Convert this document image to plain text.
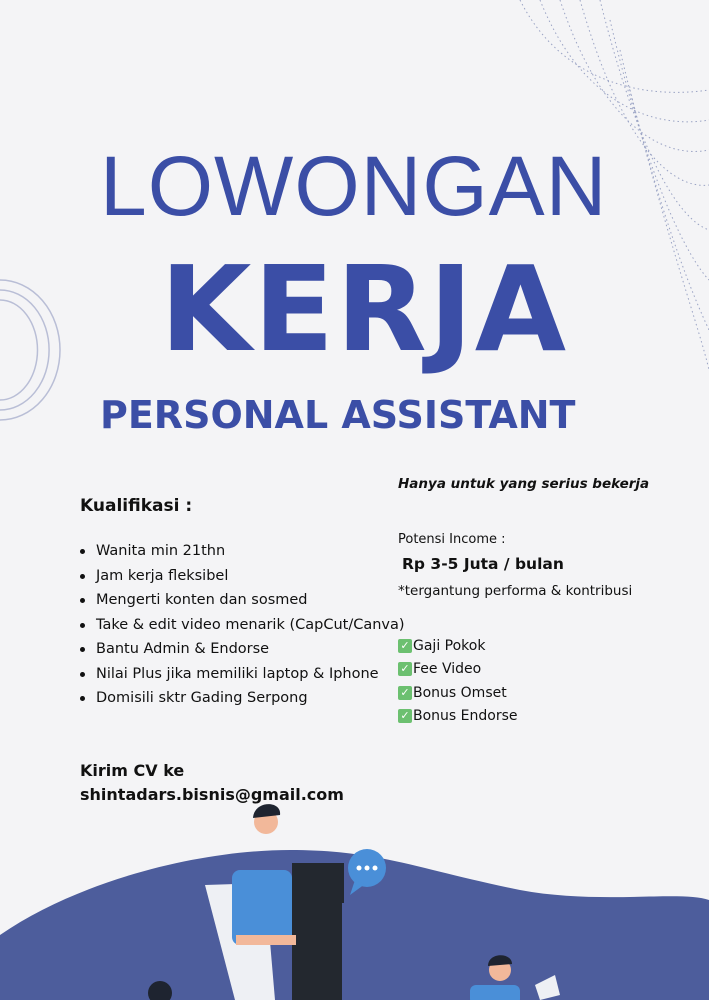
LOWONGAN
KERJA
PERSONAL ASSISTANT
Hanya untuk yang serius bekerja
Kualifikasi :
Wanita min 21thn
Jam kerja fleksibel
Mengerti konten dan sosmed
Take & edit video menarik (CapCut/Canva)
Bantu Admin & Endorse
Nilai Plus jika memiliki laptop & Iphone
Domisili sktr Gading Serpong
Potensi Income :
Rp 3-5 Juta / bulan
*tergantung performa & kontribusi
✓ Gaji Pokok
✓ Fee Video
✓ Bonus Omset
✓ Bonus Endorse
Kirim CV ke
shintadars.bisnis@gmail.com
